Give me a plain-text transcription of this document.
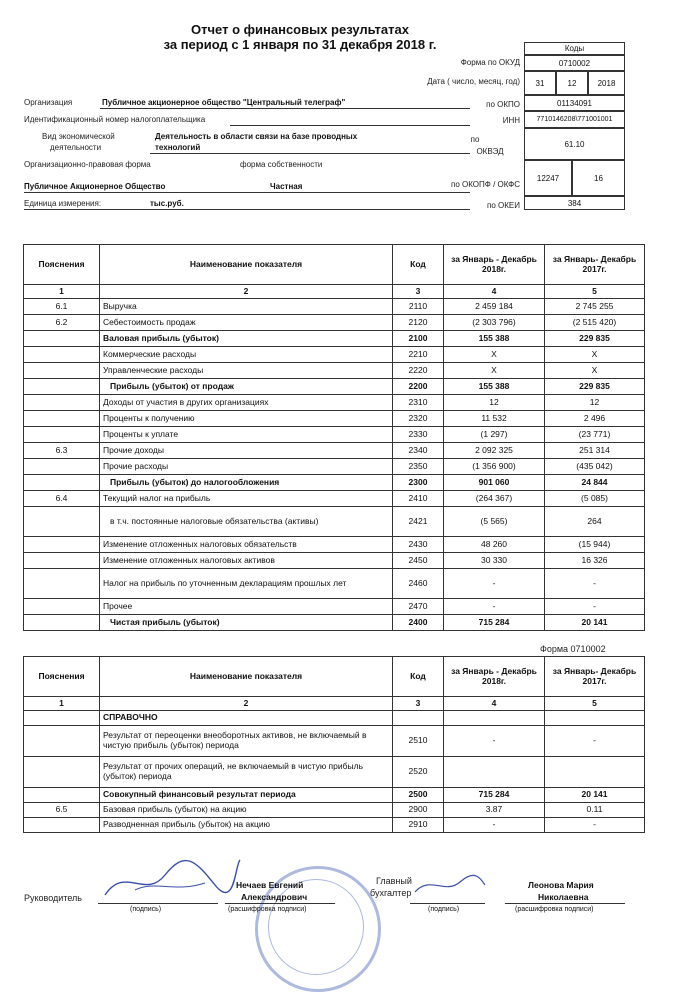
Отчет о финансовых результатах
за период с 1 января по 31 декабря 2018 г.	Коды
Форма по ОКУД	0710002
Дата ( число, месяц, год)	31	12	2018
по ОКПО	01134091
ИНН	7710146208\771001001
по
ОКВЭД
61.10
по ОКОПФ / ОКФС
12247	16
по ОКЕИ	384
Организация	Публичное акционерное общество "Центральный телеграф"
Идентификационный номер налогоплательщика
Вид экономической
деятельности
Деятельность в области связи на базе проводных
технологий
Организационно-правовая форма	форма собственности
Публичное Акционерное Общество	Частная
Единица измерения:	тыс.руб.
Пояснения	Наименование показателя	Код	за Январь - Декабрь 2018г.	за Январь- Декабрь 2017г.
1	2	3	4	5
6.1	Выручка	2110	2 459 184	2 745 255
6.2	Себестоимость продаж	2120	(2 303 796)	(2 515 420)
	Валовая прибыль (убыток)	2100	155 388	229 835
	Коммерческие расходы	2210	X	X
	Управленческие расходы	2220	X	X
	Прибыль (убыток) от продаж	2200	155 388	229 835
	Доходы от участия в других организациях	2310	12	12
	Проценты к получению	2320	11 532	2 496
	Проценты к уплате	2330	(1 297)	(23 771)
6.3	Прочие доходы	2340	2 092 325	251 314
	Прочие расходы	2350	(1 356 900)	(435 042)
	Прибыль (убыток) до налогообложения	2300	901 060	24 844
6.4	Текущий налог на прибыль	2410	(264 367)	(5 085)
	в т.ч. постоянные налоговые обязательства (активы)	2421	(5 565)	264
	Изменение отложенных налоговых обязательств	2430	48 260	(15 944)
	Изменение отложенных налоговых активов	2450	30 330	16 326
	Налог на прибыль по уточненным декларациям прошлых лет	2460	-	-
	Прочее	2470	-	-
	Чистая прибыль (убыток)	2400	715 284	20 141
Форма 0710002
Пояснения	Наименование показателя	Код	за Январь - Декабрь 2018г.	за Январь- Декабрь 2017г.
1	2	3	4	5
	СПРАВОЧНО			
	Результат от переоценки внеоборотных активов, не включаемый в чистую прибыль (убыток) периода	2510	-	-
	Результат от прочих операций, не включаемый в чистую прибыль (убыток) периода	2520		
	Совокупный финансовый результат периода	2500	715 284	20 141
6.5	Базовая прибыль (убыток) на акцию	2900	3.87	0.11
	Разводненная прибыль (убыток) на акцию	2910	-	-
Руководитель
(подпись)
Нечаев Евгений
Александрович
(расшифровка подписи)
Главный
бухгалтер
(подпись)
Леонова Мария
Николаевна
(расшифровка подписи)
